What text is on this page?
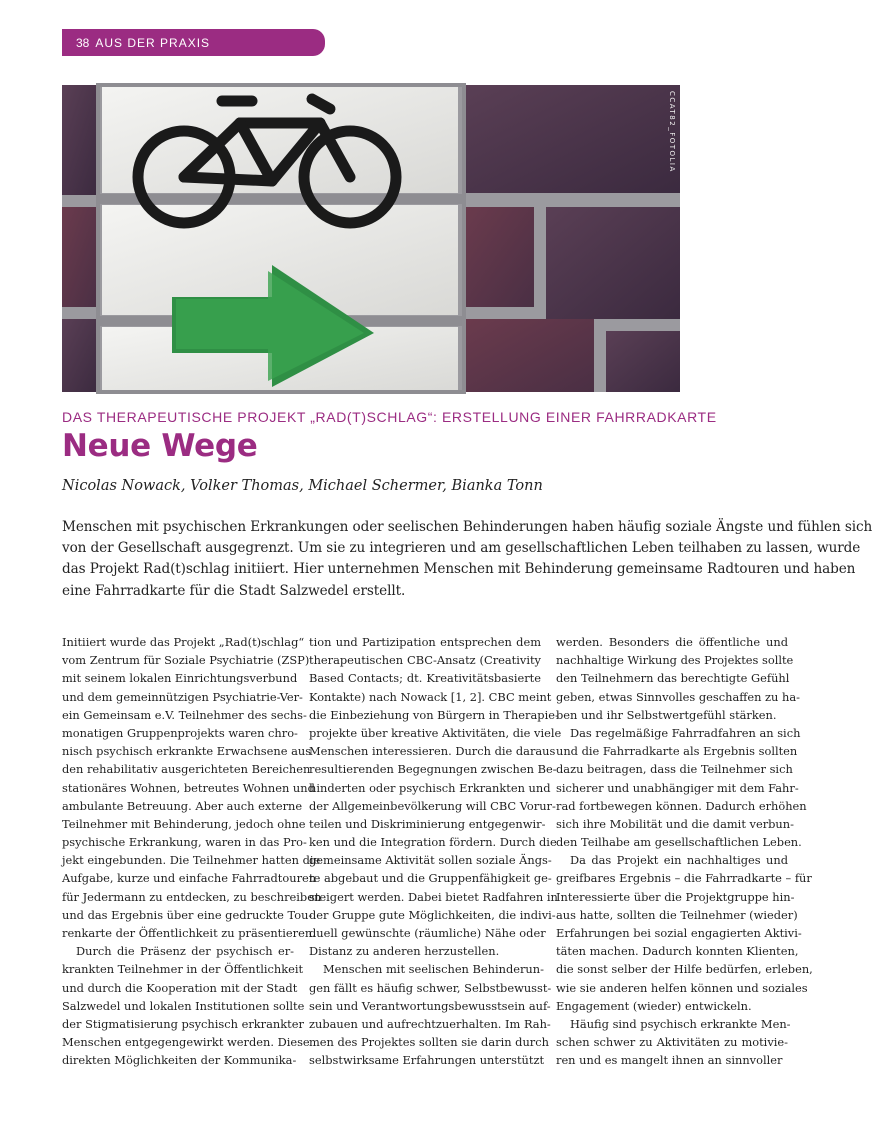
38 AUS DER PRAXIS
CCAT82_FOTOLIA
DAS THERAPEUTISCHE PROJEKT „RAD(T)SCHLAG“: ERSTELLUNG EINER FAHRRADKARTE
Neue Wege
Nicolas Nowack, Volker Thomas, Michael Schermer, Bianka Tonn
Menschen mit psychischen Erkrankungen oder seelischen Behinderungen haben häufig soziale Ängste und fühlen sich
von der Gesellschaft ausgegrenzt. Um sie zu integrieren und am gesellschaftlichen Leben teilhaben zu lassen, wurde
das Projekt Rad(t)schlag initiiert. Hier unternehmen Menschen mit Behinderung gemeinsame Radtouren und haben
eine Fahrradkarte für die Stadt Salzwedel erstellt.
Initiiert wurde das Projekt „Rad(t)schlag“
vom Zentrum für Soziale Psychiatrie (ZSP)
mit seinem lokalen Einrichtungsverbund
und dem gemeinnützigen Psychiatrie-Ver-
ein Gemeinsam e.V. Teilnehmer des sechs-
monatigen Gruppenprojekts waren chro-
nisch psychisch erkrankte Erwachsene aus
den rehabilitativ ausgerichteten Bereichen
stationäres Wohnen, betreutes Wohnen und
ambulante Betreuung. Aber auch externe
Teilnehmer mit Behinderung, jedoch ohne
psychische Erkrankung, waren in das Pro-
jekt eingebunden. Die Teilnehmer hatten die
Aufgabe, kurze und einfache Fahrradtouren
für Jedermann zu entdecken, zu beschreiben
und das Ergebnis über eine gedruckte Tou-
renkarte der Öffentlichkeit zu präsentieren.
Durch die Präsenz der psychisch er-
krankten Teilnehmer in der Öffentlichkeit
und durch die Kooperation mit der Stadt
Salzwedel und lokalen Institutionen sollte
der Stigmatisierung psychisch erkrankter
Menschen entgegengewirkt werden. Diese
direkten Möglichkeiten der Kommunika-
tion und Partizipation entsprechen dem
therapeutischen CBC-Ansatz (Creativity
Based Contacts; dt. Kreativitätsbasierte
Kontakte) nach Nowack [1, 2]. CBC meint
die Einbeziehung von Bürgern in Therapie-
projekte über kreative Aktivitäten, die viele
Menschen interessieren. Durch die daraus
resultierenden Begegnungen zwischen Be-
hinderten oder psychisch Erkrankten und
der Allgemeinbevölkerung will CBC Vorur-
teilen und Diskriminierung entgegenwir-
ken und die Integration fördern. Durch die
gemeinsame Aktivität sollen soziale Ängs-
te abgebaut und die Gruppenfähigkeit ge-
steigert werden. Dabei bietet Radfahren in
der Gruppe gute Möglichkeiten, die indivi-
duell gewünschte (räumliche) Nähe oder
Distanz zu anderen herzustellen.
Menschen mit seelischen Behinderun-
gen fällt es häufig schwer, Selbstbewusst-
sein und Verantwortungsbewusstsein auf-
zubauen und aufrechtzuerhalten. Im Rah-
men des Projektes sollten sie darin durch
selbstwirksame Erfahrungen unterstützt
werden. Besonders die öffentliche und
nachhaltige Wirkung des Projektes sollte
den Teilnehmern das berechtigte Gefühl
geben, etwas Sinnvolles geschaffen zu ha-
ben und ihr Selbstwertgefühl stärken.
Das regelmäßige Fahrradfahren an sich
und die Fahrradkarte als Ergebnis sollten
dazu beitragen, dass die Teilnehmer sich
sicherer und unabhängiger mit dem Fahr-
rad fortbewegen können. Dadurch erhöhen
sich ihre Mobilität und die damit verbun-
den Teilhabe am gesellschaftlichen Leben.
Da das Projekt ein nachhaltiges und
greifbares Ergebnis – die Fahrradkarte – für
Interessierte über die Projektgruppe hin-
aus hatte, sollten die Teilnehmer (wieder)
Erfahrungen bei sozial engagierten Aktivi-
täten machen. Dadurch konnten Klienten,
die sonst selber der Hilfe bedürfen, erleben,
wie sie anderen helfen können und soziales
Engagement (wieder) entwickeln.
Häufig sind psychisch erkrankte Men-
schen schwer zu Aktivitäten zu motivie-
ren und es mangelt ihnen an sinnvoller
